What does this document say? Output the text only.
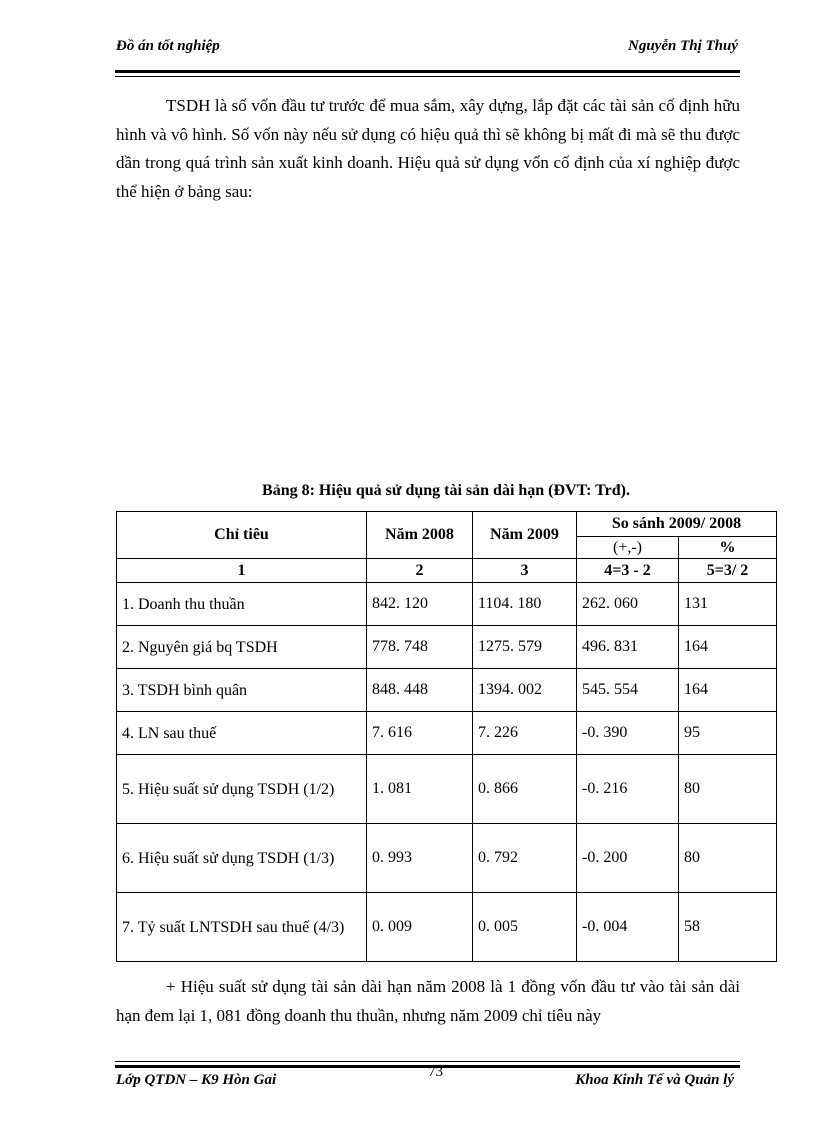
Đồ án tốt nghiệp	Nguyễn Thị Thuý

TSDH là số vốn đầu tư trước để mua sắm, xây dựng, lắp đặt các tài sản cố định hữu hình và vô hình. Số vốn này nếu sử dụng có hiệu quả thì sẽ không bị mất đi mà sẽ thu được dần trong quá trình sản xuất kinh doanh. Hiệu quả sử dụng vốn cố định của xí nghiệp được thể hiện ở bảng sau:

Bảng 8: Hiệu quả sử dụng tài sản dài hạn (ĐVT: Trđ).
Chỉ tiêu	Năm 2008	Năm 2009	So sánh 2009/ 2008	
			(+,-)	%
1	2	3	4=3 - 2	5=3/ 2
1. Doanh thu thuần	842. 120	1104. 180	262. 060	131
2. Nguyên giá bq TSDH	778. 748	1275. 579	496. 831	164
3. TSDH bình quân	848. 448	1394. 002	545. 554	164
4. LN sau thuế	7. 616	7. 226	-0. 390	95
5. Hiệu suất sử dụng TSDH (1/2)	1. 081	0. 866	-0. 216	80
6. Hiệu suất sử dụng TSDH (1/3)	0. 993	0. 792	-0. 200	80
7. Tỷ suất LNTSDH sau thuế (4/3)	0. 009	0. 005	-0. 004	58

+ Hiệu suất sử dụng tài sản dài hạn năm 2008 là 1 đồng vốn đầu tư vào tài sản dài hạn đem lại 1, 081 đồng doanh thu thuần, nhưng năm 2009 chỉ tiêu này

Lớp QTDN – K9 Hòn Gai	73	Khoa Kinh Tế và Quản lý
